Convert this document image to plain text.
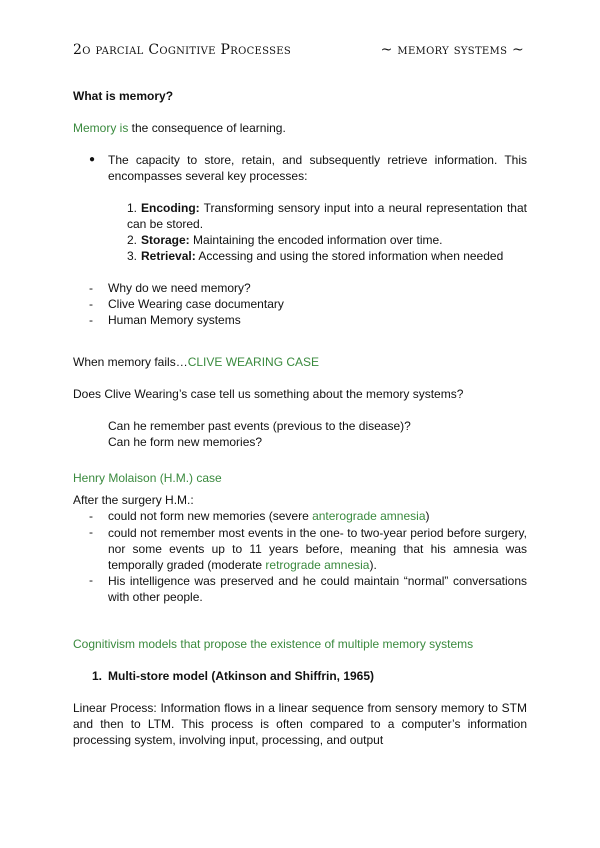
2o parcial Cognitive Processes	~ memory systems ~
What is memory?
Memory is the consequence of learning.
● The capacity to store, retain, and subsequently retrieve information. This encompasses several key processes:
1. Encoding: Transforming sensory input into a neural representation that can be stored.
2. Storage: Maintaining the encoded information over time.
3. Retrieval: Accessing and using the stored information when needed
- Why do we need memory?
- Clive Wearing case documentary
- Human Memory systems
When memory fails…CLIVE WEARING CASE
Does Clive Wearing’s case tell us something about the memory systems?
Can he remember past events (previous to the disease)?
Can he form new memories?
Henry Molaison (H.M.) case
After the surgery H.M.:
- could not form new memories (severe anterograde amnesia)
- could not remember most events in the one- to two-year period before surgery, nor some events up to 11 years before, meaning that his amnesia was temporally graded (moderate retrograde amnesia).
- His intelligence was preserved and he could maintain “normal” conversations with other people.
Cognitivism models that propose the existence of multiple memory systems
1. Multi-store model (Atkinson and Shiffrin, 1965)
Linear Process: Information flows in a linear sequence from sensory memory to STM and then to LTM. This process is often compared to a computer’s information processing system, involving input, processing, and output
